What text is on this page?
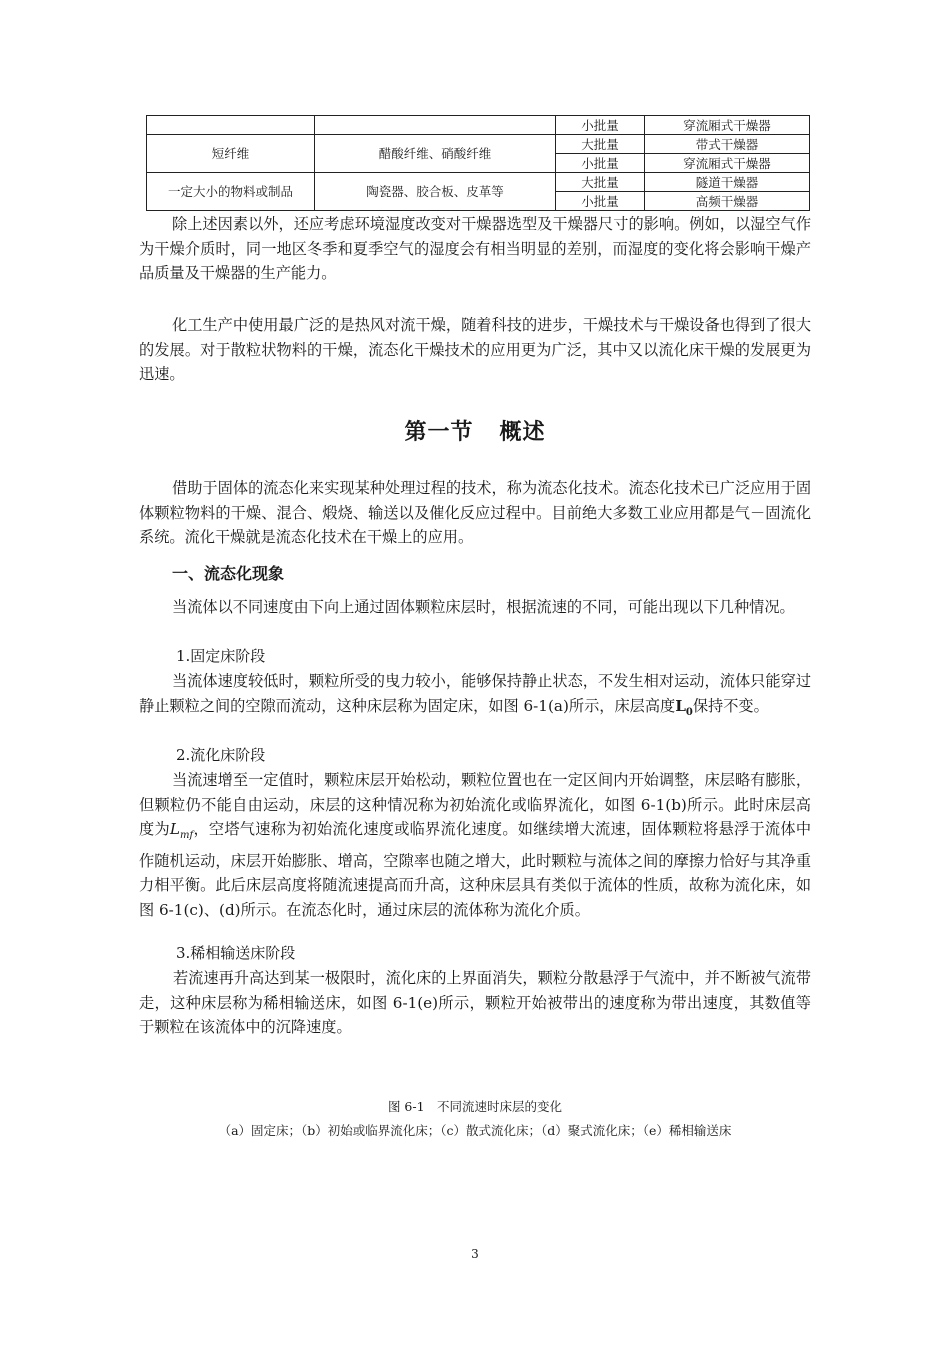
		小批量	穿流厢式干燥器
短纤维	醋酸纤维、硝酸纤维	大批量	带式干燥器
		小批量	穿流厢式干燥器
一定大小的物料或制品	陶瓷器、胶合板、皮革等	大批量	隧道干燥器
		小批量	高频干燥器

除上述因素以外，还应考虑环境湿度改变对干燥器选型及干燥器尺寸的影响。例如，以湿空气作为干燥介质时，同一地区冬季和夏季空气的湿度会有相当明显的差别，而湿度的变化将会影响干燥产品质量及干燥器的生产能力。

化工生产中使用最广泛的是热风对流干燥，随着科技的进步，干燥技术与干燥设备也得到了很大的发展。对于散粒状物料的干燥，流态化干燥技术的应用更为广泛，其中又以流化床干燥的发展更为迅速。

第一节 概述

借助于固体的流态化来实现某种处理过程的技术，称为流态化技术。流态化技术已广泛应用于固体颗粒物料的干燥、混合、煅烧、输送以及催化反应过程中。目前绝大多数工业应用都是气－固流化系统。流化干燥就是流态化技术在干燥上的应用。

一、流态化现象

当流体以不同速度由下向上通过固体颗粒床层时，根据流速的不同，可能出现以下几种情况。

1.固定床阶段

当流体速度较低时，颗粒所受的曳力较小，能够保持静止状态，不发生相对运动，流体只能穿过静止颗粒之间的空隙而流动，这种床层称为固定床，如图 6-1(a)所示，床层高度$L_0$保持不变。

2.流化床阶段

当流速增至一定值时，颗粒床层开始松动，颗粒位置也在一定区间内开始调整，床层略有膨胀，但颗粒仍不能自由运动，床层的这种情况称为初始流化或临界流化，如图 6-1(b)所示。此时床层高度为$L_{mf}$，空塔气速称为初始流化速度或临界流化速度。如继续增大流速，固体颗粒将悬浮于流体中作随机运动，床层开始膨胀、增高，空隙率也随之增大，此时颗粒与流体之间的摩擦力恰好与其净重力相平衡。此后床层高度将随流速提高而升高，这种床层具有类似于流体的性质，故称为流化床，如图 6-1(c)、(d)所示。在流态化时，通过床层的流体称为流化介质。

3.稀相输送床阶段

若流速再升高达到某一极限时，流化床的上界面消失，颗粒分散悬浮于气流中，并不断被气流带走，这种床层称为稀相输送床，如图 6-1(e)所示，颗粒开始被带出的速度称为带出速度，其数值等于颗粒在该流体中的沉降速度。

图 6-1　不同流速时床层的变化
（a）固定床；（b）初始或临界流化床；（c）散式流化床；（d）聚式流化床；（e）稀相输送床
3
